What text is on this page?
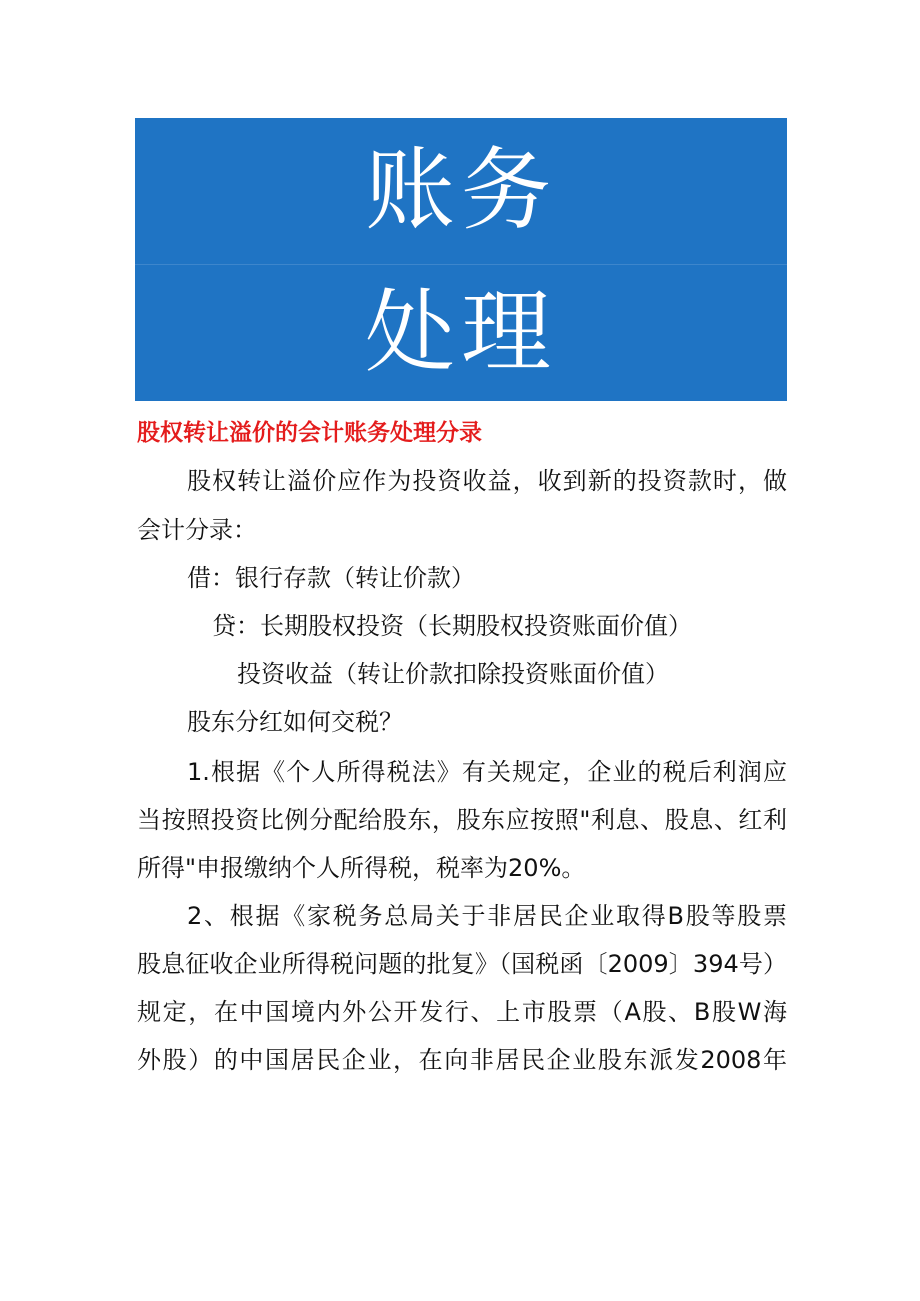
账务
处理
股权转让溢价的会计账务处理分录
股权转让溢价应作为投资收益，收到新的投资款时，做
会计分录：
借：银行存款（转让价款）
贷：长期股权投资（长期股权投资账面价值）
投资收益（转让价款扣除投资账面价值）
股东分红如何交税？
1.根据《个人所得税法》有关规定，企业的税后利润应
当按照投资比例分配给股东，股东应按照"利息、股息、红利
所得"申报缴纳个人所得税，税率为20%。
2、根据《家税务总局关于非居民企业取得B股等股票
股息征收企业所得税问题的批复》（国税函〔2009〕394号）
规定，在中国境内外公开发行、上市股票（A股、B股W海
外股）的中国居民企业，在向非居民企业股东派发2008年
